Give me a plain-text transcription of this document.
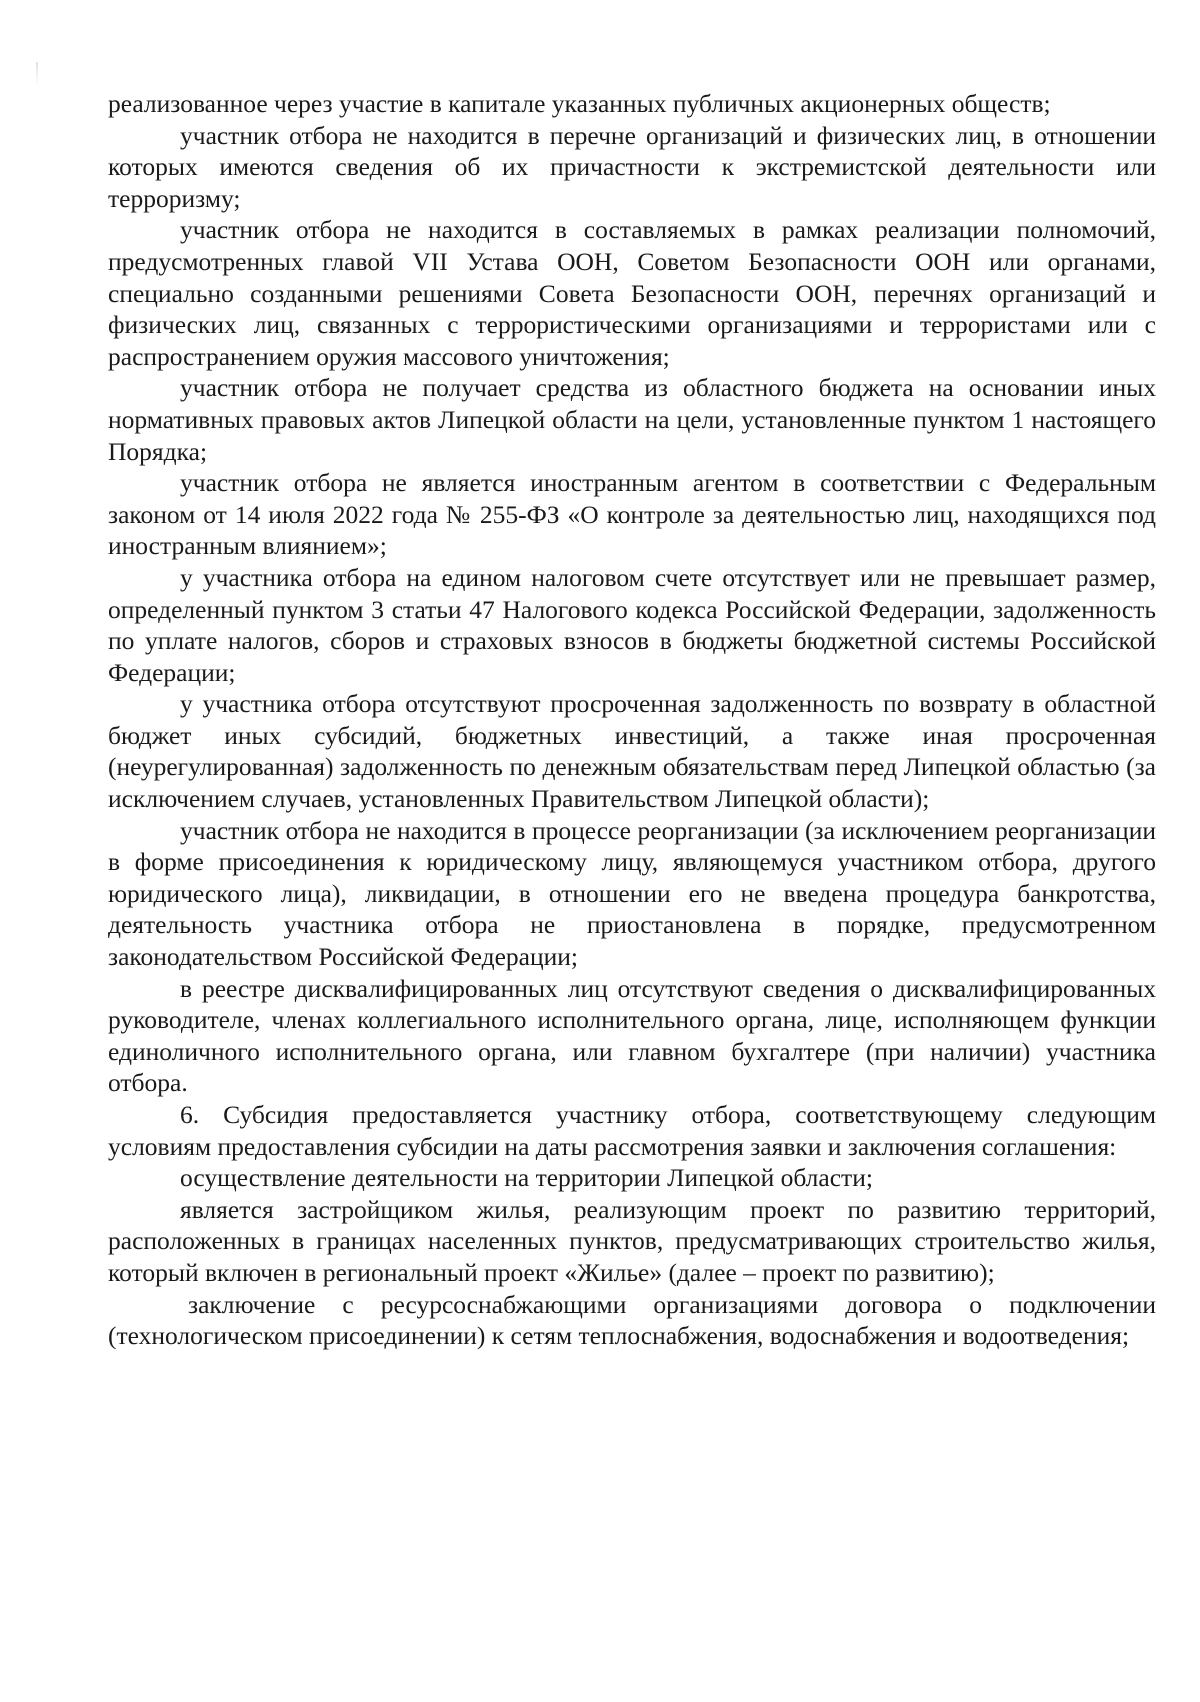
реализованное через участие в капитале указанных публичных акционерных обществ;

участник отбора не находится в перечне организаций и физических лиц, в отношении которых имеются сведения об их причастности к экстремистской деятельности или терроризму;

участник отбора не находится в составляемых в рамках реализации полномочий, предусмотренных главой VII Устава ООН, Советом Безопасности ООН или органами, специально созданными решениями Совета Безопасности ООН, перечнях организаций и физических лиц, связанных с террористическими организациями и террористами или с распространением оружия массового уничтожения;

участник отбора не получает средства из областного бюджета на основании иных нормативных правовых актов Липецкой области на цели, установленные пунктом 1 настоящего Порядка;

участник отбора не является иностранным агентом в соответствии с Федеральным законом от 14 июля 2022 года № 255-ФЗ «О контроле за деятельностью лиц, находящихся под иностранным влиянием»;

у участника отбора на едином налоговом счете отсутствует или не превышает размер, определенный пунктом 3 статьи 47 Налогового кодекса Российской Федерации, задолженность по уплате налогов, сборов и страховых взносов в бюджеты бюджетной системы Российской Федерации;

у участника отбора отсутствуют просроченная задолженность по возврату в областной бюджет иных субсидий, бюджетных инвестиций, а также иная просроченная (неурегулированная) задолженность по денежным обязательствам перед Липецкой областью (за исключением случаев, установленных Правительством Липецкой области);

участник отбора не находится в процессе реорганизации (за исключением реорганизации в форме присоединения к юридическому лицу, являющемуся участником отбора, другого юридического лица), ликвидации, в отношении его не введена процедура банкротства, деятельность участника отбора не приостановлена в порядке, предусмотренном законодательством Российской Федерации;

в реестре дисквалифицированных лиц отсутствуют сведения о дисквалифицированных руководителе, членах коллегиального исполнительного органа, лице, исполняющем функции единоличного исполнительного органа, или главном бухгалтере (при наличии) участника отбора.

6. Субсидия предоставляется участнику отбора, соответствующему следующим условиям предоставления субсидии на даты рассмотрения заявки и заключения соглашения:

осуществление деятельности на территории Липецкой области;

является застройщиком жилья, реализующим проект по развитию территорий, расположенных в границах населенных пунктов, предусматривающих строительство жилья, который включен в региональный проект «Жилье» (далее – проект по развитию);

заключение с ресурсоснабжающими организациями договора о подключении (технологическом присоединении) к сетям теплоснабжения, водоснабжения и водоотведения;
